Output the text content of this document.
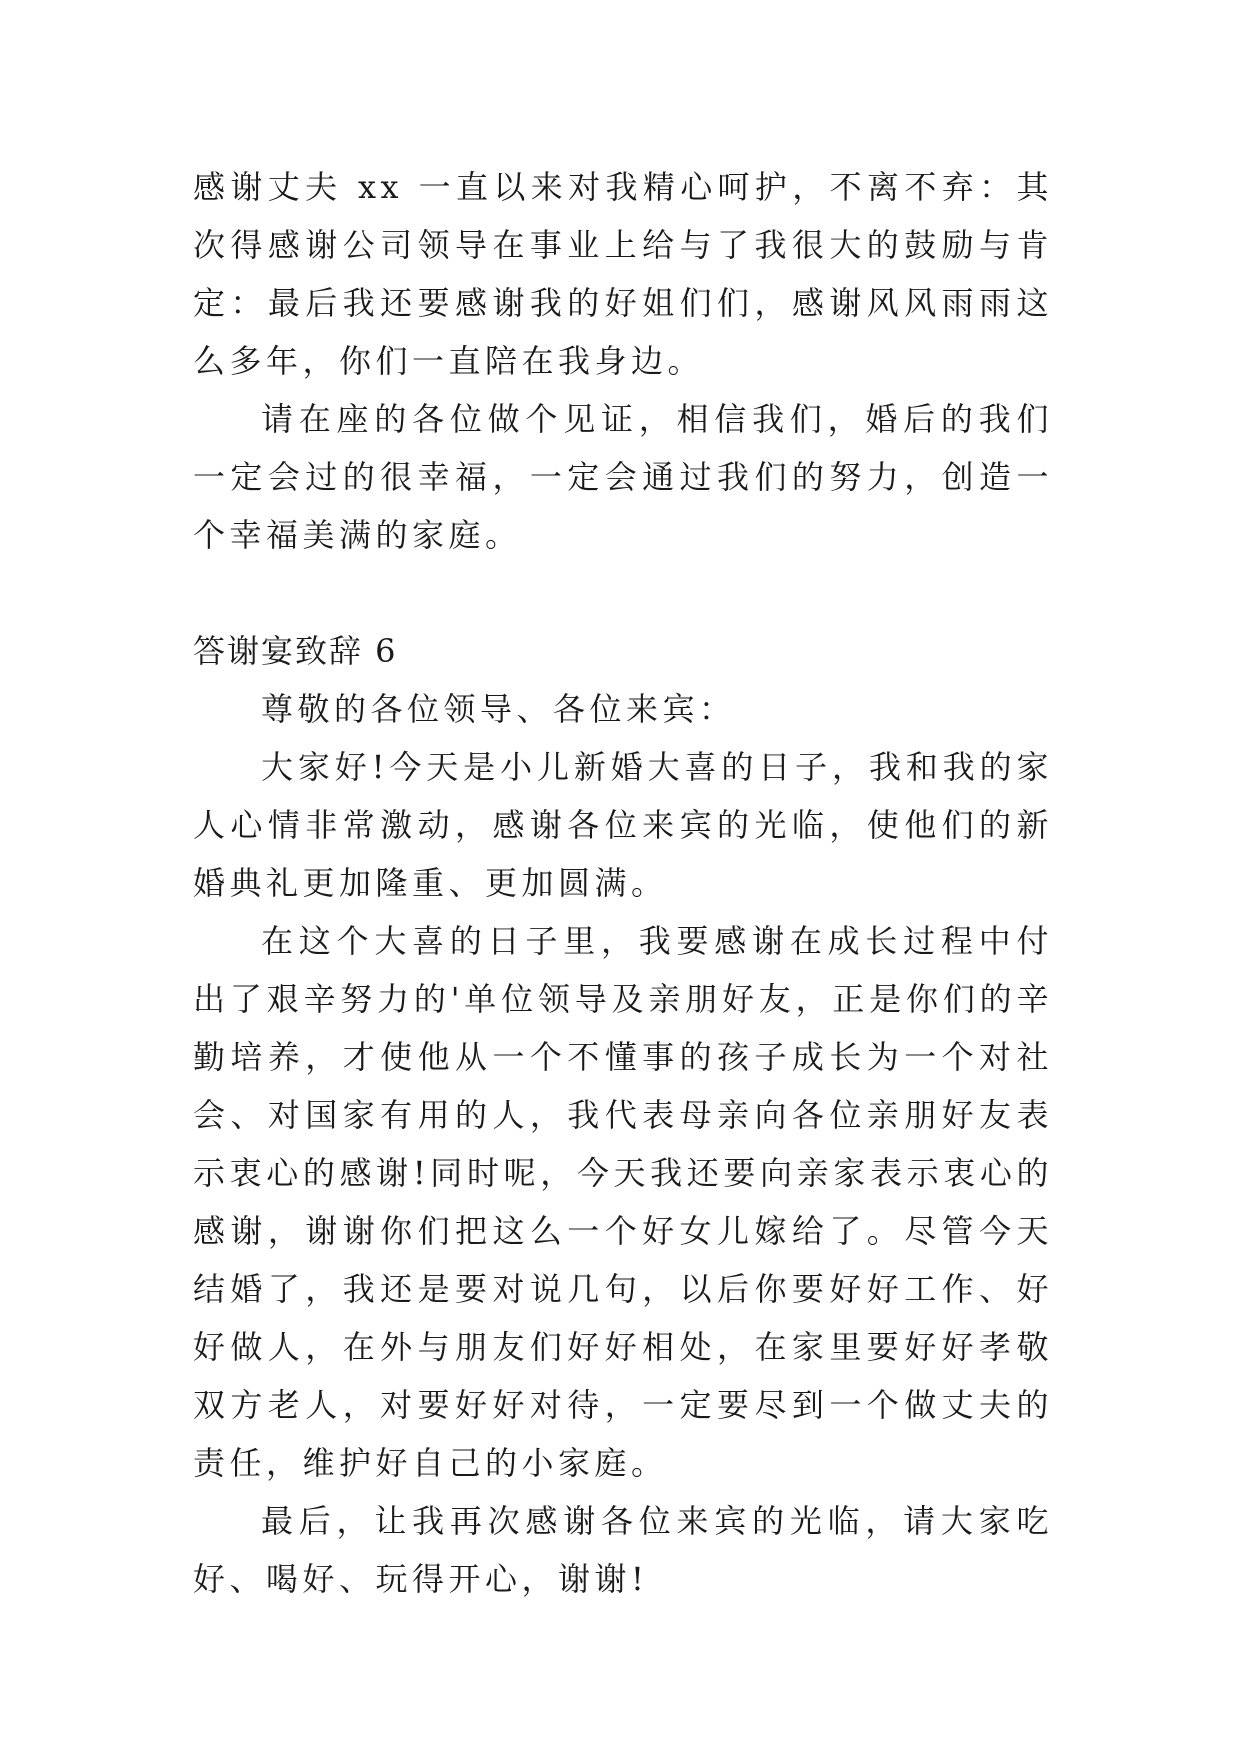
感谢丈夫 xx 一直以来对我精心呵护，不离不弃：其次得感谢公司领导在事业上给与了我很大的鼓励与肯定：最后我还要感谢我的好姐们们，感谢风风雨雨这么多年，你们一直陪在我身边。

请在座的各位做个见证，相信我们，婚后的我们一定会过的很幸福，一定会通过我们的努力，创造一个幸福美满的家庭。

答谢宴致辞 6

尊敬的各位领导、各位来宾：

大家好!今天是小儿新婚大喜的日子，我和我的家人心情非常激动，感谢各位来宾的光临，使他们的新婚典礼更加隆重、更加圆满。

在这个大喜的日子里，我要感谢在成长过程中付出了艰辛努力的'单位领导及亲朋好友，正是你们的辛勤培养，才使他从一个不懂事的孩子成长为一个对社会、对国家有用的人，我代表母亲向各位亲朋好友表示衷心的感谢!同时呢，今天我还要向亲家表示衷心的感谢，谢谢你们把这么一个好女儿嫁给了。尽管今天结婚了，我还是要对说几句，以后你要好好工作、好好做人，在外与朋友们好好相处，在家里要好好孝敬双方老人，对要好好对待，一定要尽到一个做丈夫的责任，维护好自己的小家庭。

最后，让我再次感谢各位来宾的光临，请大家吃好、喝好、玩得开心，谢谢!
